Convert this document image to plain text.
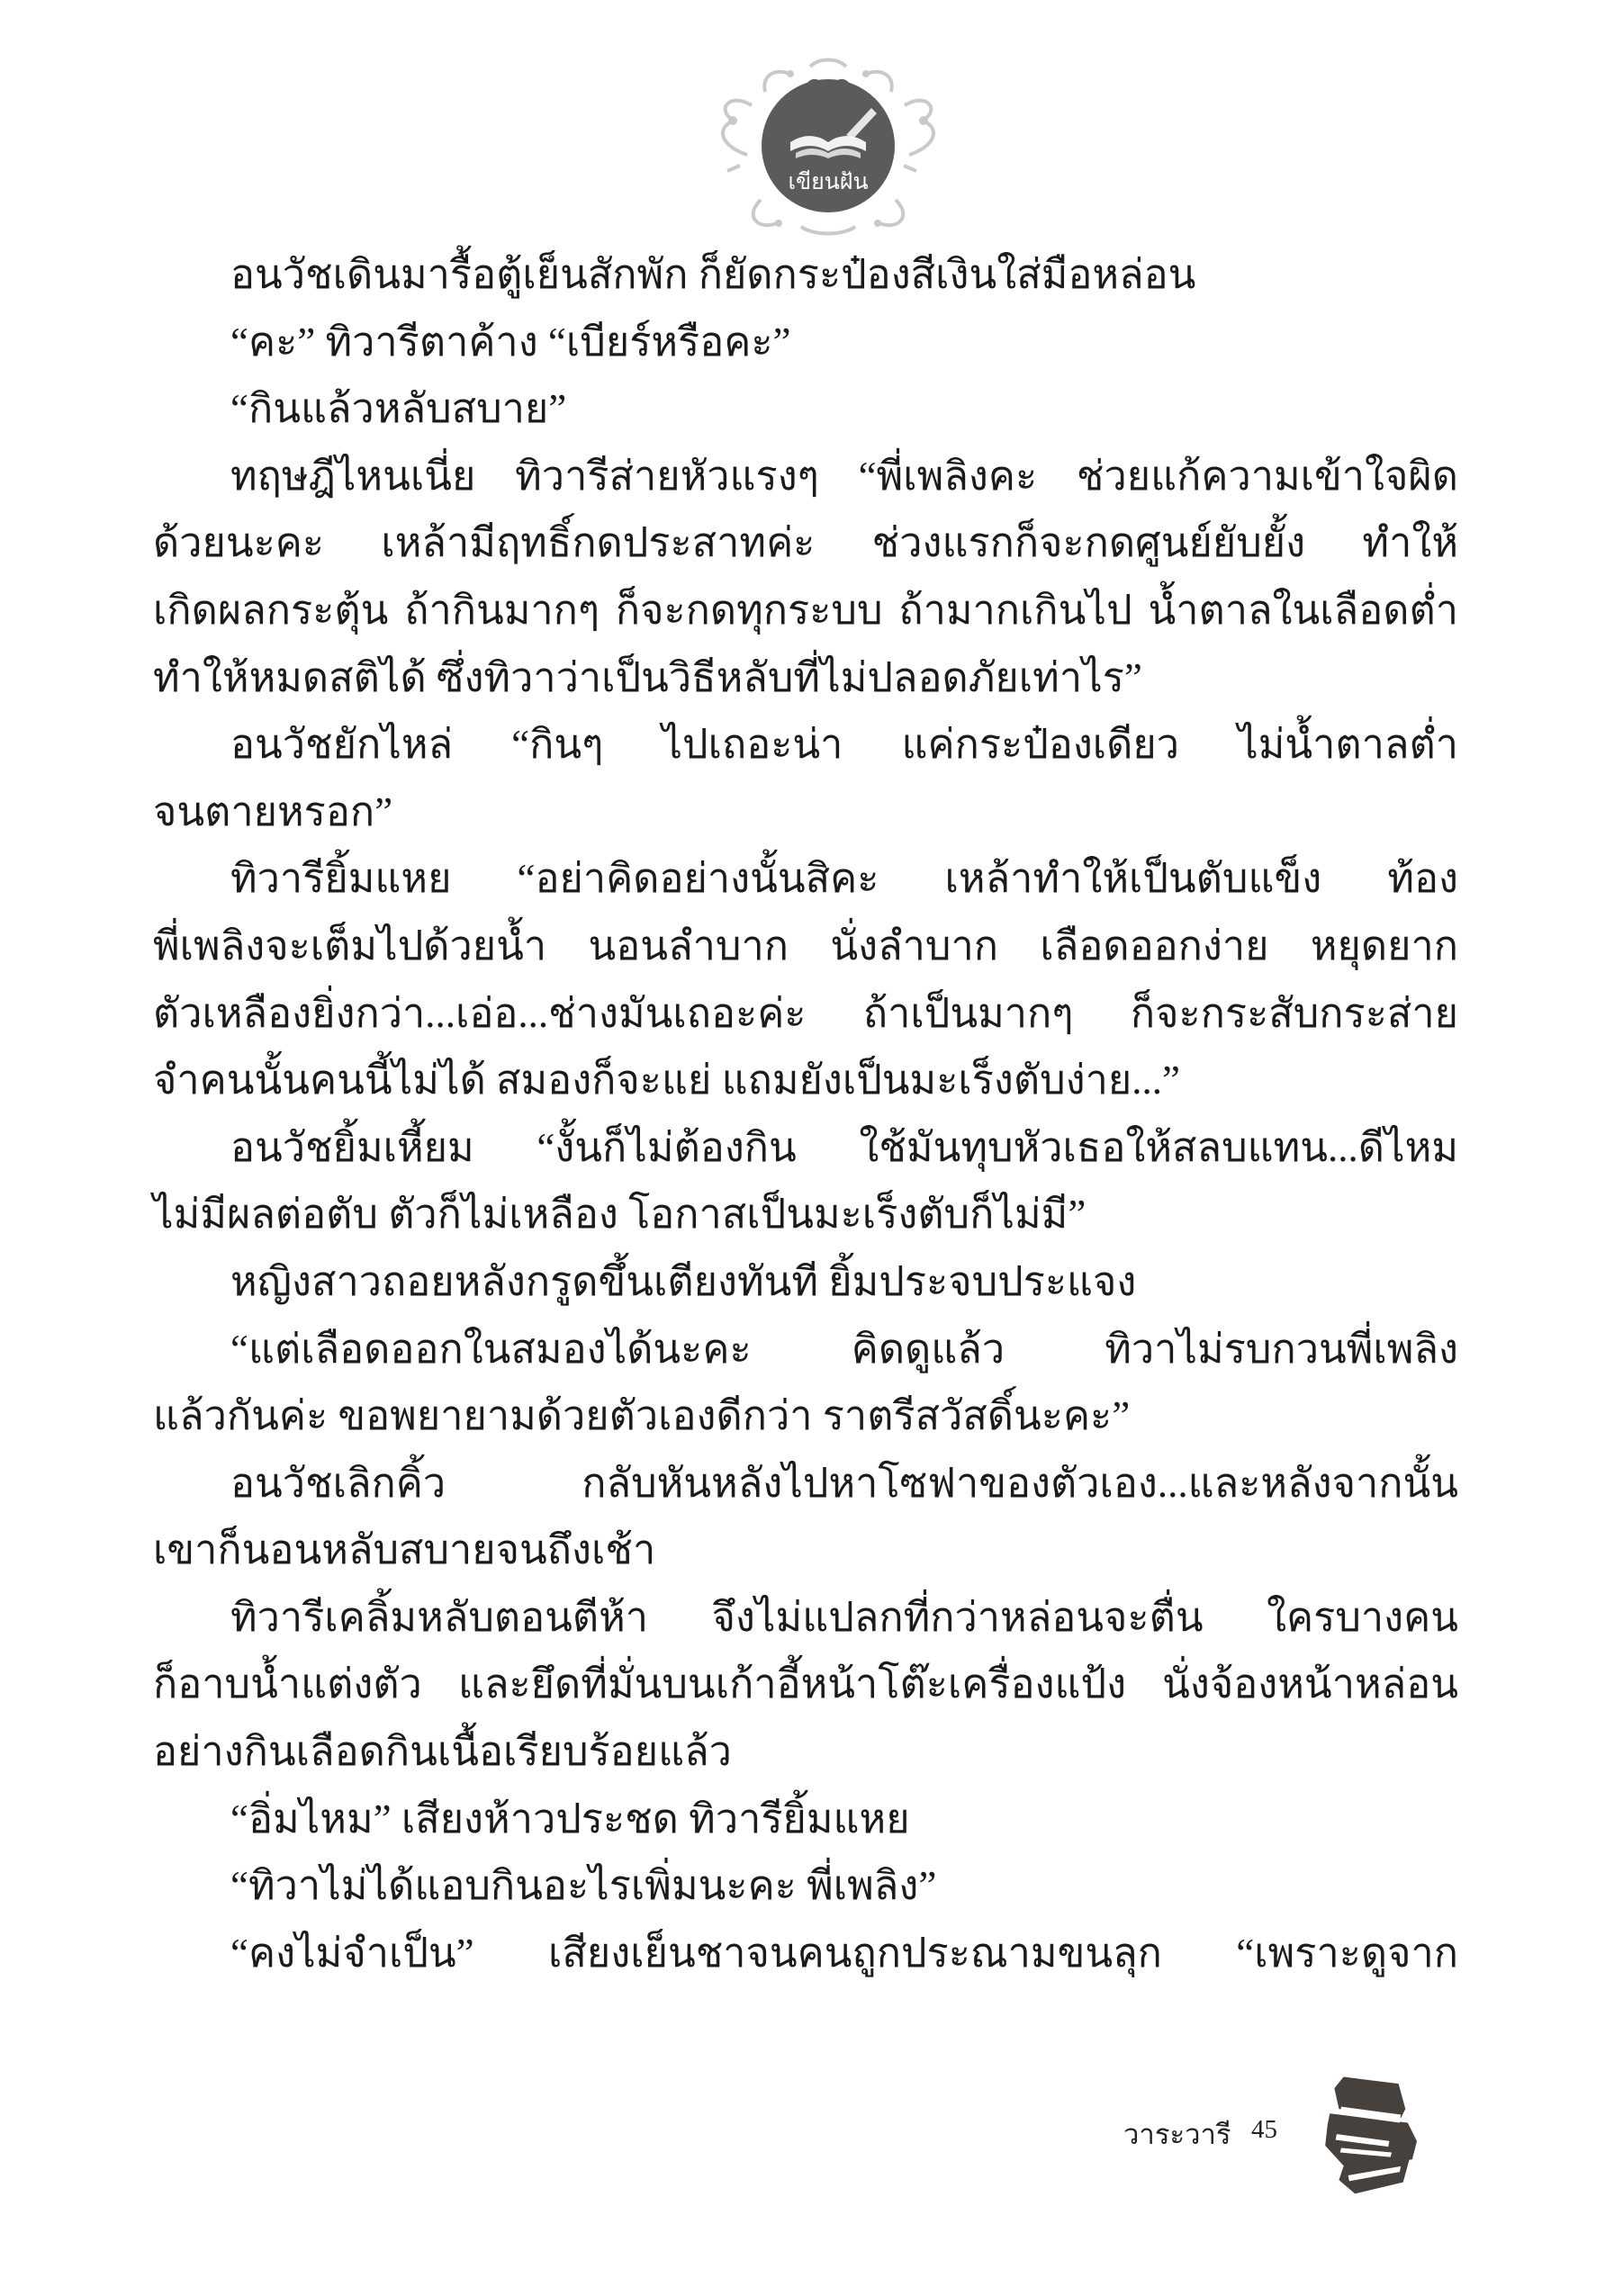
เขียนฝัน
อนวัชเดินมารื้อตู้เย็นสักพัก ก็ยัดกระป๋องสีเงินใส่มือหล่อน
“คะ” ทิวารีตาค้าง “เบียร์หรือคะ”
“กินแล้วหลับสบาย”
ทฤษฎีไหนเนี่ย ทิวารีส่ายหัวแรงๆ “พี่เพลิงคะ ช่วยแก้ความเข้าใจผิด
ด้วยนะคะ เหล้ามีฤทธิ์กดประสาทค่ะ ช่วงแรกก็จะกดศูนย์ยับยั้ง ทำให้
เกิดผลกระตุ้น ถ้ากินมากๆ ก็จะกดทุกระบบ ถ้ามากเกินไป น้ำตาลในเลือดต่ำ
ทำให้หมดสติได้ ซึ่งทิวาว่าเป็นวิธีหลับที่ไม่ปลอดภัยเท่าไร”
อนวัชยักไหล่ “กินๆ ไปเถอะน่า แค่กระป๋องเดียว ไม่น้ำตาลต่ำ
จนตายหรอก”
ทิวารียิ้มแหย “อย่าคิดอย่างนั้นสิคะ เหล้าทำให้เป็นตับแข็ง ท้อง
พี่เพลิงจะเต็มไปด้วยน้ำ นอนลำบาก นั่งลำบาก เลือดออกง่าย หยุดยาก
ตัวเหลืองยิ่งกว่า...เอ่อ...ช่างมันเถอะค่ะ ถ้าเป็นมากๆ ก็จะกระสับกระส่าย
จำคนนั้นคนนี้ไม่ได้ สมองก็จะแย่ แถมยังเป็นมะเร็งตับง่าย...”
อนวัชยิ้มเหี้ยม “งั้นก็ไม่ต้องกิน ใช้มันทุบหัวเธอให้สลบแทน...ดีไหม
ไม่มีผลต่อตับ ตัวก็ไม่เหลือง โอกาสเป็นมะเร็งตับก็ไม่มี”
หญิงสาวถอยหลังกรูดขึ้นเตียงทันที ยิ้มประจบประแจง
“แต่เลือดออกในสมองได้นะคะ คิดดูแล้ว ทิวาไม่รบกวนพี่เพลิง
แล้วกันค่ะ ขอพยายามด้วยตัวเองดีกว่า ราตรีสวัสดิ์นะคะ”
อนวัชเลิกคิ้ว กลับหันหลังไปหาโซฟาของตัวเอง...และหลังจากนั้น
เขาก็นอนหลับสบายจนถึงเช้า
ทิวารีเคลิ้มหลับตอนตีห้า จึงไม่แปลกที่กว่าหล่อนจะตื่น ใครบางคน
ก็อาบน้ำแต่งตัว และยึดที่มั่นบนเก้าอี้หน้าโต๊ะเครื่องแป้ง นั่งจ้องหน้าหล่อน
อย่างกินเลือดกินเนื้อเรียบร้อยแล้ว
“อิ่มไหม” เสียงห้าวประชด ทิวารียิ้มแหย
“ทิวาไม่ได้แอบกินอะไรเพิ่มนะคะ พี่เพลิง”
“คงไม่จำเป็น” เสียงเย็นชาจนคนถูกประณามขนลุก “เพราะดูจาก
วาระวารี 45
